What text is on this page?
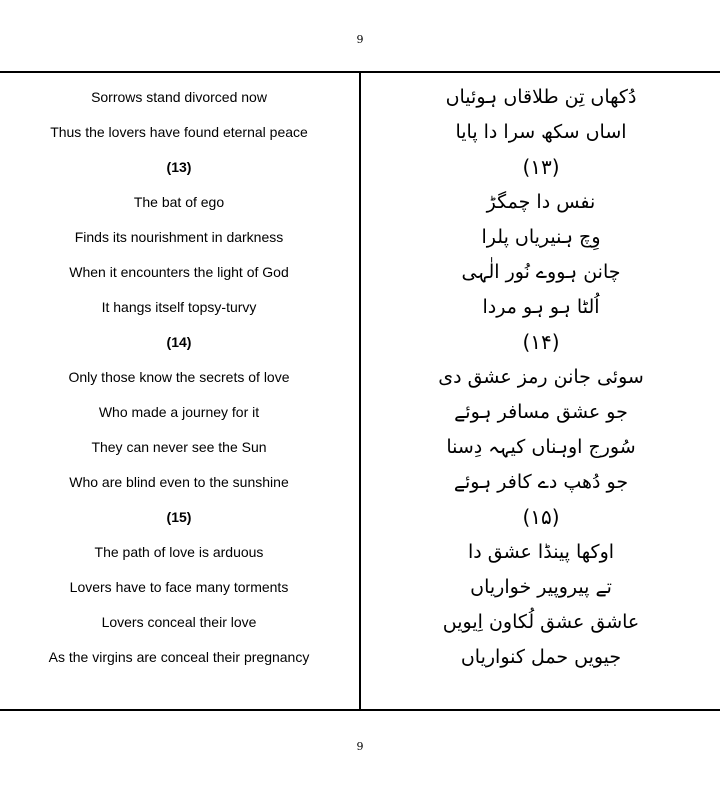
9
Sorrows stand divorced now
Thus the lovers have found eternal peace
(13)
The bat of ego
Finds its nourishment in darkness
When it encounters the light of God
It hangs itself topsy-turvy
(14)
Only those know the secrets of love
Who made a journey for it
They can never see the Sun
Who are blind even to the sunshine
(15)
The path of love is arduous
Lovers have to face many torments
Lovers conceal their love
As the virgins are conceal their pregnancy
دُکھاں تِن طلاقاں ہوئیاں
اساں سکھ سرا دا پایا
(۱۳)
نفس دا چمگڑ
وِچ ہنیریاں پلرا
چانن ہووے نُور الٰہی
اُلٹا ہو ہو مردا
(۱۴)
سوئی جانن رمز عشق دی
جو عشق مسافر ہوئے
سُورج اوہناں کیہہ دِسنا
جو دُھپ دے کافر ہوئے
(۱۵)
اوکھا پینڈا عشق دا
تے پیروپیر خواریاں
عاشق عشق لُکاون اِیویں
جیویں حمل کنواریاں
9
